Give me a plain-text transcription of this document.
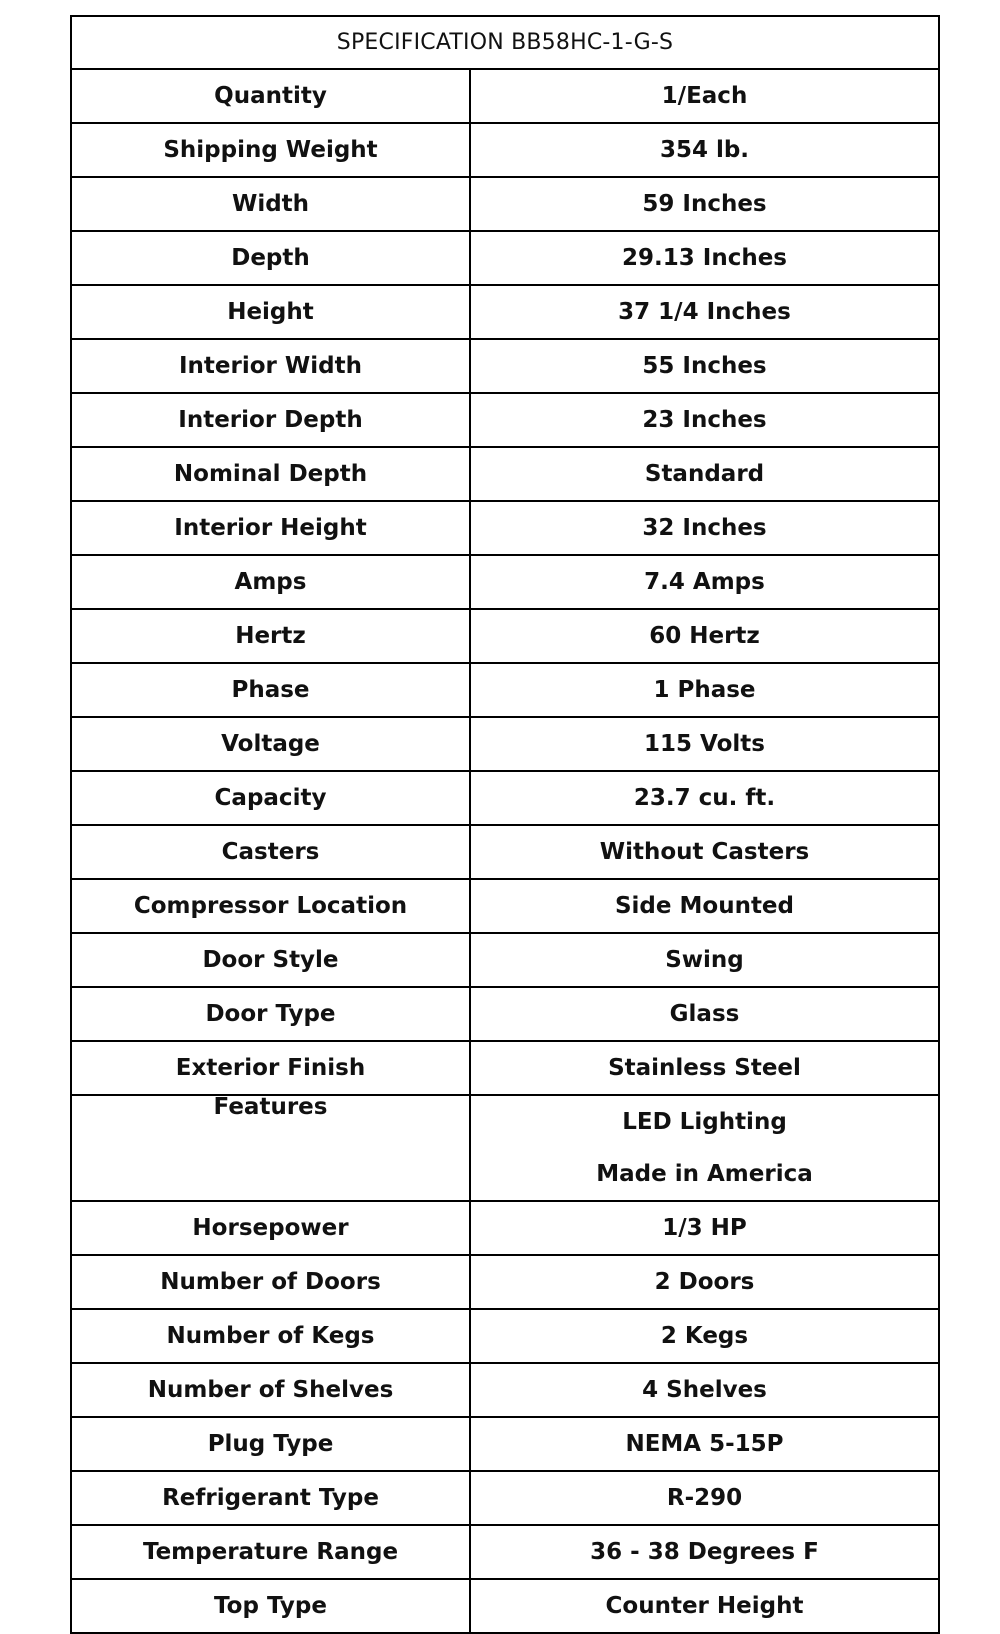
SPECIFICATION BB58HC-1-G-S	
Quantity	1/Each
Shipping Weight	354 lb.
Width	59 Inches
Depth	29.13 Inches
Height	37 1/4 Inches
Interior Width	55 Inches
Interior Depth	23 Inches
Nominal Depth	Standard
Interior Height	32 Inches
Amps	7.4 Amps
Hertz	60 Hertz
Phase	1 Phase
Voltage	115 Volts
Capacity	23.7 cu. ft.
Casters	Without Casters
Compressor Location	Side Mounted
Door Style	Swing
Door Type	Glass
Exterior Finish	Stainless Steel
Features	LED Lighting
Made in America

Horsepower	1/3 HP
Number of Doors	2 Doors
Number of Kegs	2 Kegs
Number of Shelves	4 Shelves
Plug Type	NEMA 5-15P
Refrigerant Type	R-290
Temperature Range	36 - 38 Degrees F
Top Type	Counter Height
